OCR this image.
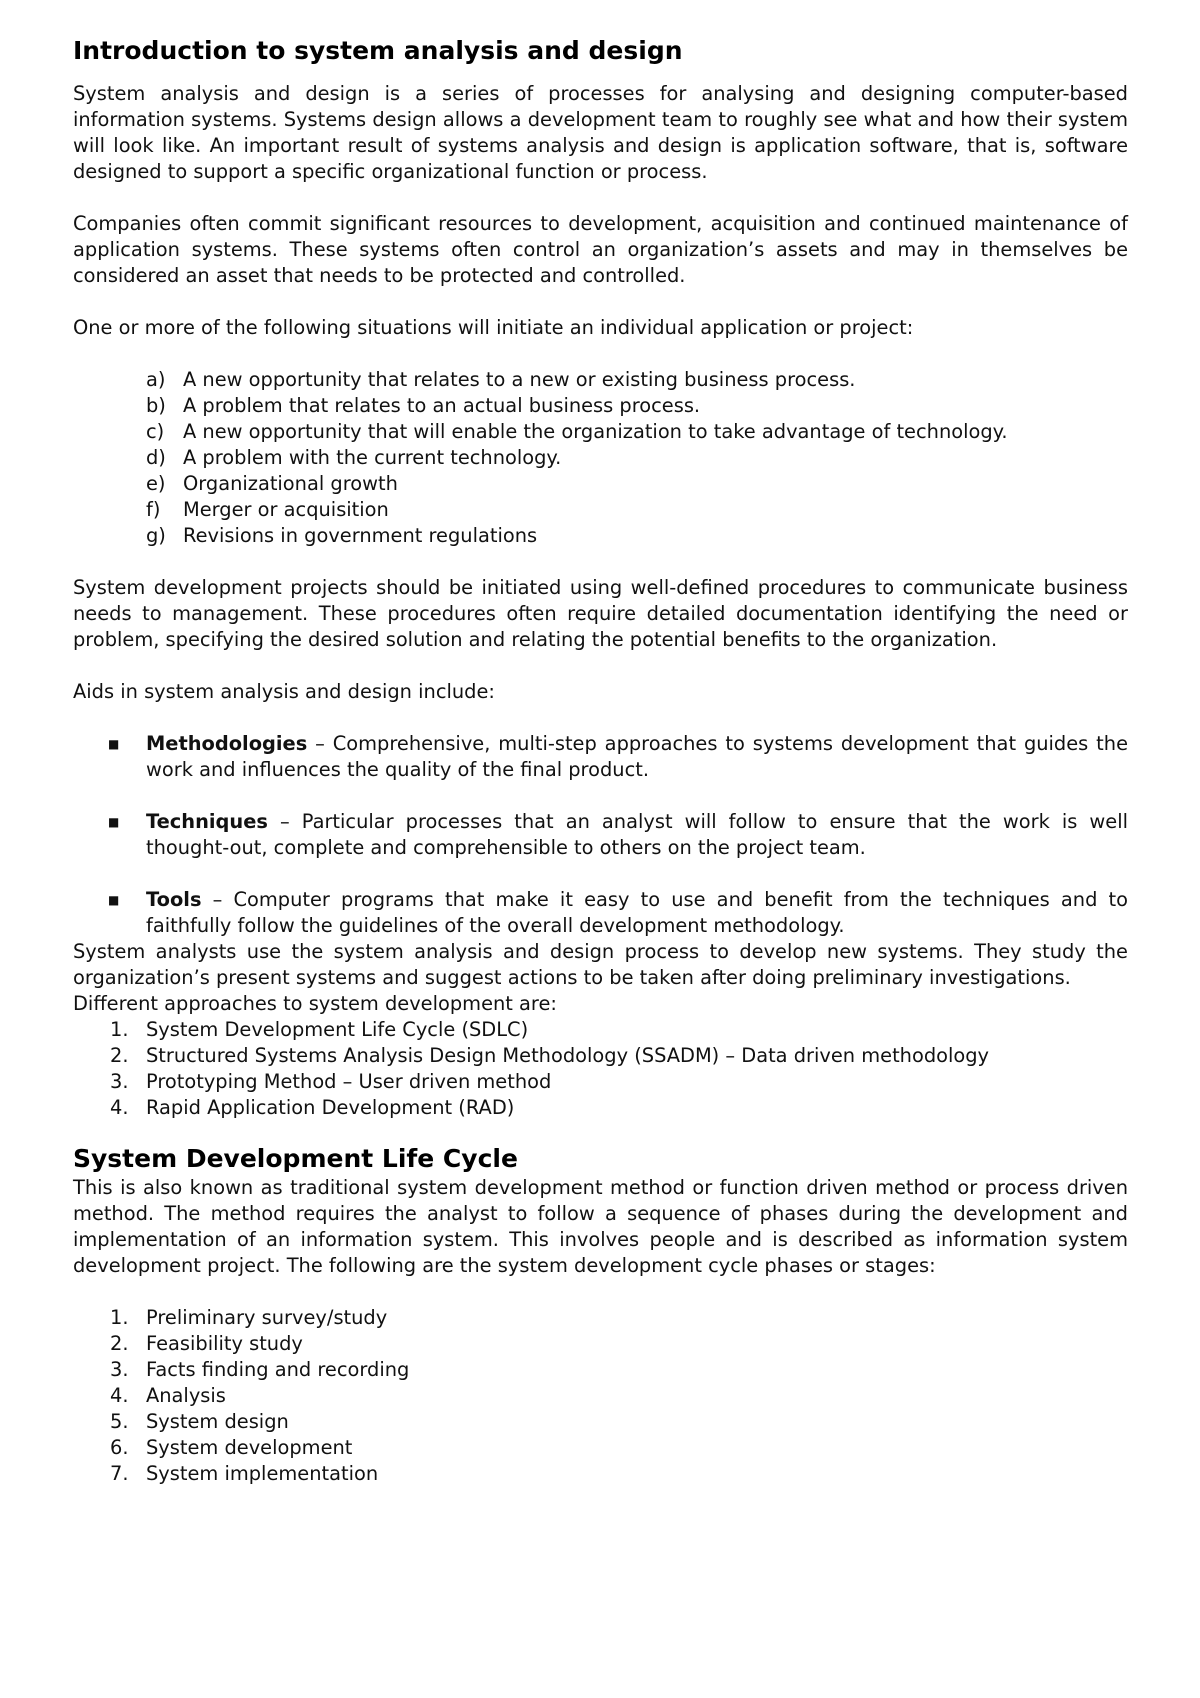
Introduction to system analysis and design

System analysis and design is a series of processes for analysing and designing computer-based information systems. Systems design allows a development team to roughly see what and how their system will look like. An important result of systems analysis and design is application software, that is, software designed to support a specific organizational function or process.

Companies often commit significant resources to development, acquisition and continued maintenance of application systems. These systems often control an organization’s assets and may in themselves be considered an asset that needs to be protected and controlled.

One or more of the following situations will initiate an individual application or project:

a) A new opportunity that relates to a new or existing business process.
b) A problem that relates to an actual business process.
c) A new opportunity that will enable the organization to take advantage of technology.
d) A problem with the current technology.
e) Organizational growth
f) Merger or acquisition
g) Revisions in government regulations

System development projects should be initiated using well-defined procedures to communicate business needs to management. These procedures often require detailed documentation identifying the need or problem, specifying the desired solution and relating the potential benefits to the organization.

Aids in system analysis and design include:

■ Methodologies – Comprehensive, multi-step approaches to systems development that guides the work and influences the quality of the final product.
■ Techniques – Particular processes that an analyst will follow to ensure that the work is well thought-out, complete and comprehensible to others on the project team.
■ Tools – Computer programs that make it easy to use and benefit from the techniques and to faithfully follow the guidelines of the overall development methodology.

System analysts use the system analysis and design process to develop new systems. They study the organization’s present systems and suggest actions to be taken after doing preliminary investigations.

Different approaches to system development are:

1. System Development Life Cycle (SDLC)
2. Structured Systems Analysis Design Methodology (SSADM) – Data driven methodology
3. Prototyping Method – User driven method
4. Rapid Application Development (RAD)
System Development Life Cycle

This is also known as traditional system development method or function driven method or process driven method. The method requires the analyst to follow a sequence of phases during the development and implementation of an information system. This involves people and is described as information system development project. The following are the system development cycle phases or stages:

1. Preliminary survey/study
2. Feasibility study
3. Facts finding and recording
4. Analysis
5. System design
6. System development
7. System implementation
